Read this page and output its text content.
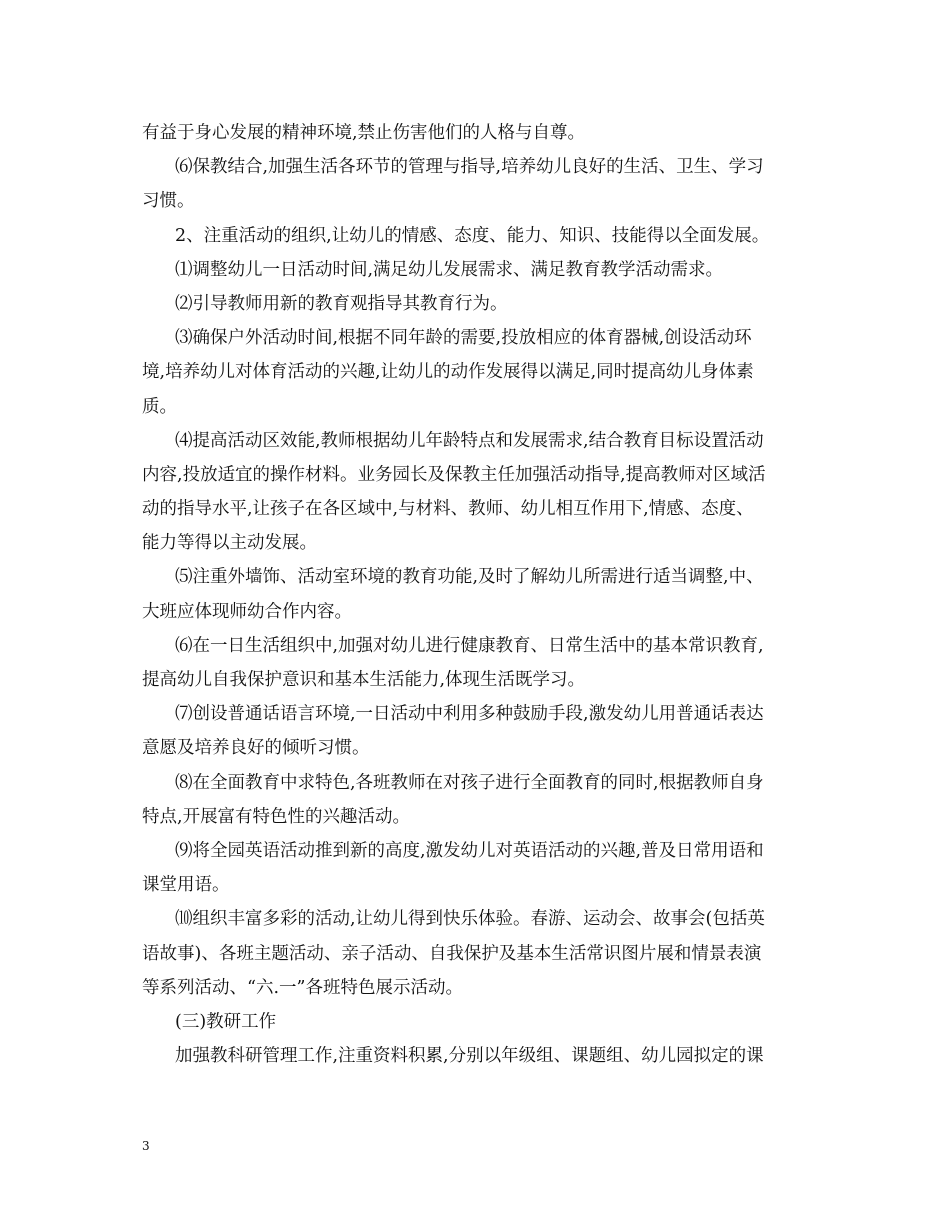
有益于身心发展的精神环境,禁止伤害他们的人格与自尊。
⑹保教结合,加强生活各环节的管理与指导,培养幼儿良好的生活、卫生、学习
习惯。
2、注重活动的组织,让幼儿的情感、态度、能力、知识、技能得以全面发展。
⑴调整幼儿一日活动时间,满足幼儿发展需求、满足教育教学活动需求。
⑵引导教师用新的教育观指导其教育行为。
⑶确保户外活动时间,根据不同年龄的需要,投放相应的体育器械,创设活动环
境,培养幼儿对体育活动的兴趣,让幼儿的动作发展得以满足,同时提高幼儿身体素
质。
⑷提高活动区效能,教师根据幼儿年龄特点和发展需求,结合教育目标设置活动
内容,投放适宜的操作材料。业务园长及保教主任加强活动指导,提高教师对区域活
动的指导水平,让孩子在各区域中,与材料、教师、幼儿相互作用下,情感、态度、
能力等得以主动发展。
⑸注重外墙饰、活动室环境的教育功能,及时了解幼儿所需进行适当调整,中、
大班应体现师幼合作内容。
⑹在一日生活组织中,加强对幼儿进行健康教育、日常生活中的基本常识教育,
提高幼儿自我保护意识和基本生活能力,体现生活既学习。
⑺创设普通话语言环境,一日活动中利用多种鼓励手段,激发幼儿用普通话表达
意愿及培养良好的倾听习惯。
⑻在全面教育中求特色,各班教师在对孩子进行全面教育的同时,根据教师自身
特点,开展富有特色性的兴趣活动。
⑼将全园英语活动推到新的高度,激发幼儿对英语活动的兴趣,普及日常用语和
课堂用语。
⑽组织丰富多彩的活动,让幼儿得到快乐体验。春游、运动会、故事会(包括英
语故事)、各班主题活动、亲子活动、自我保护及基本生活常识图片展和情景表演
等系列活动、“六.一”各班特色展示活动。
(三)教研工作
加强教科研管理工作,注重资料积累,分别以年级组、课题组、幼儿园拟定的课
3
